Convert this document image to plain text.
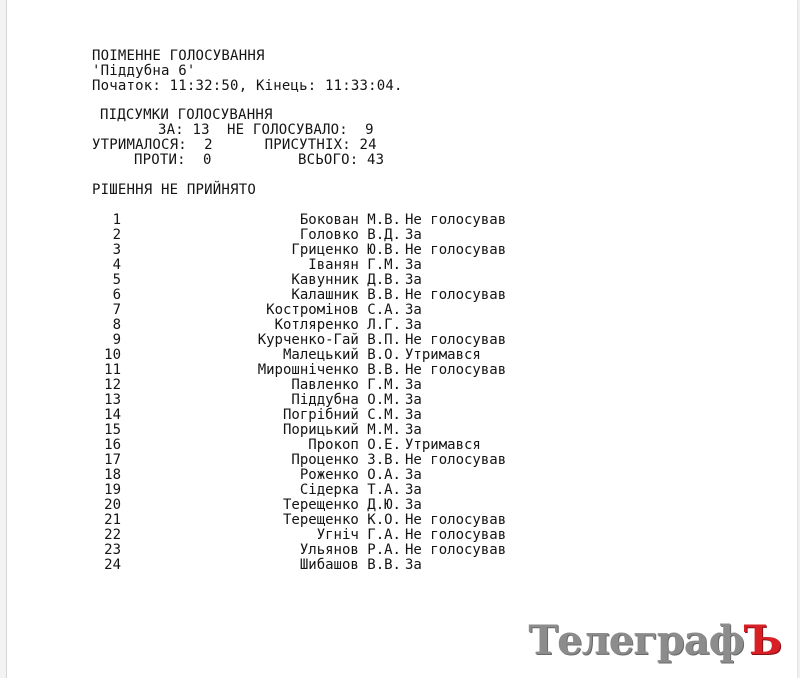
ПОІМЕННЕ ГОЛОСУВАННЯ
'Піддубна 6'
Початок: 11:32:50, Кінець: 11:33:04.
ПІДСУМКИ ГОЛОСУВАННЯ
ЗА: 13  НЕ ГОЛОСУВАЛО:  9
УТРИМАЛОСЯ:  2      ПРИСУТНІХ: 24
ПРОТИ:  0          ВСЬОГО: 43
РІШЕННЯ НЕ ПРИЙНЯТО
1	Бокован М.В. Не голосував
2	Головко В.Д. За
3	Гриценко Ю.В. Не голосував
4	Іванян Г.М. За
5	Кавунник Д.В. За
6	Калашник В.В. Не голосував
7	Костромінов С.А. За
8	Котляренко Л.Г. За
9	Курченко-Гай В.П. Не голосував
10	Малецький В.О. Утримався
11	Мирошніченко В.В. Не голосував
12	Павленко Г.М. За
13	Піддубна О.М. За
14	Погрібний С.М. За
15	Порицький М.М. За
16	Прокоп О.Е. Утримався
17	Проценко З.В. Не голосував
18	Роженко О.А. За
19	Сідерка Т.А. За
20	Терещенко Д.Ю. За
21	Терещенко К.О. Не голосував
22	Угніч Г.А. Не голосував
23	Ульянов Р.А. Не голосував
24	Шибашов В.В. За
ТелеграфЪ
